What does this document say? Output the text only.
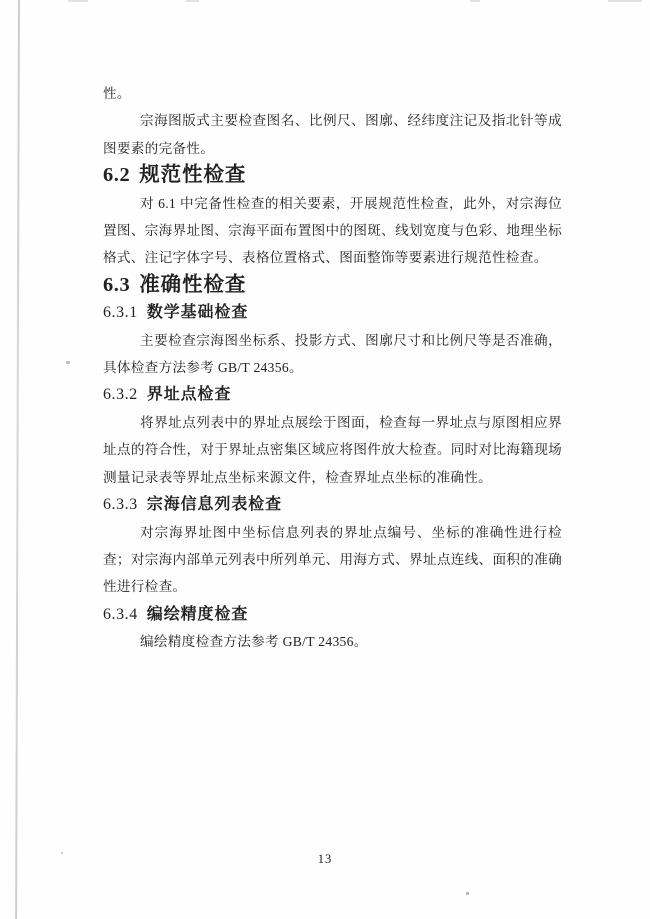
性。

宗海图版式主要检查图名、比例尺、图廓、经纬度注记及指北针等成图要素的完备性。

6.2 规范性检查

对 6.1 中完备性检查的相关要素，开展规范性检查，此外，对宗海位置图、宗海界址图、宗海平面布置图中的图斑、线划宽度与色彩、地理坐标格式、注记字体字号、表格位置格式、图面整饰等要素进行规范性检查。

6.3 准确性检查
6.3.1 数学基础检查

主要检查宗海图坐标系、投影方式、图廓尺寸和比例尺等是否准确，具体检查方法参考 GB/T 24356。

6.3.2 界址点检查

将界址点列表中的界址点展绘于图面，检查每一界址点与原图相应界址点的符合性，对于界址点密集区域应将图件放大检查。同时对比海籍现场测量记录表等界址点坐标来源文件，检查界址点坐标的准确性。

6.3.3 宗海信息列表检查

对宗海界址图中坐标信息列表的界址点编号、坐标的准确性进行检查；对宗海内部单元列表中所列单元、用海方式、界址点连线、面积的准确性进行检查。

6.3.4 编绘精度检查

编绘精度检查方法参考 GB/T 24356。

13
